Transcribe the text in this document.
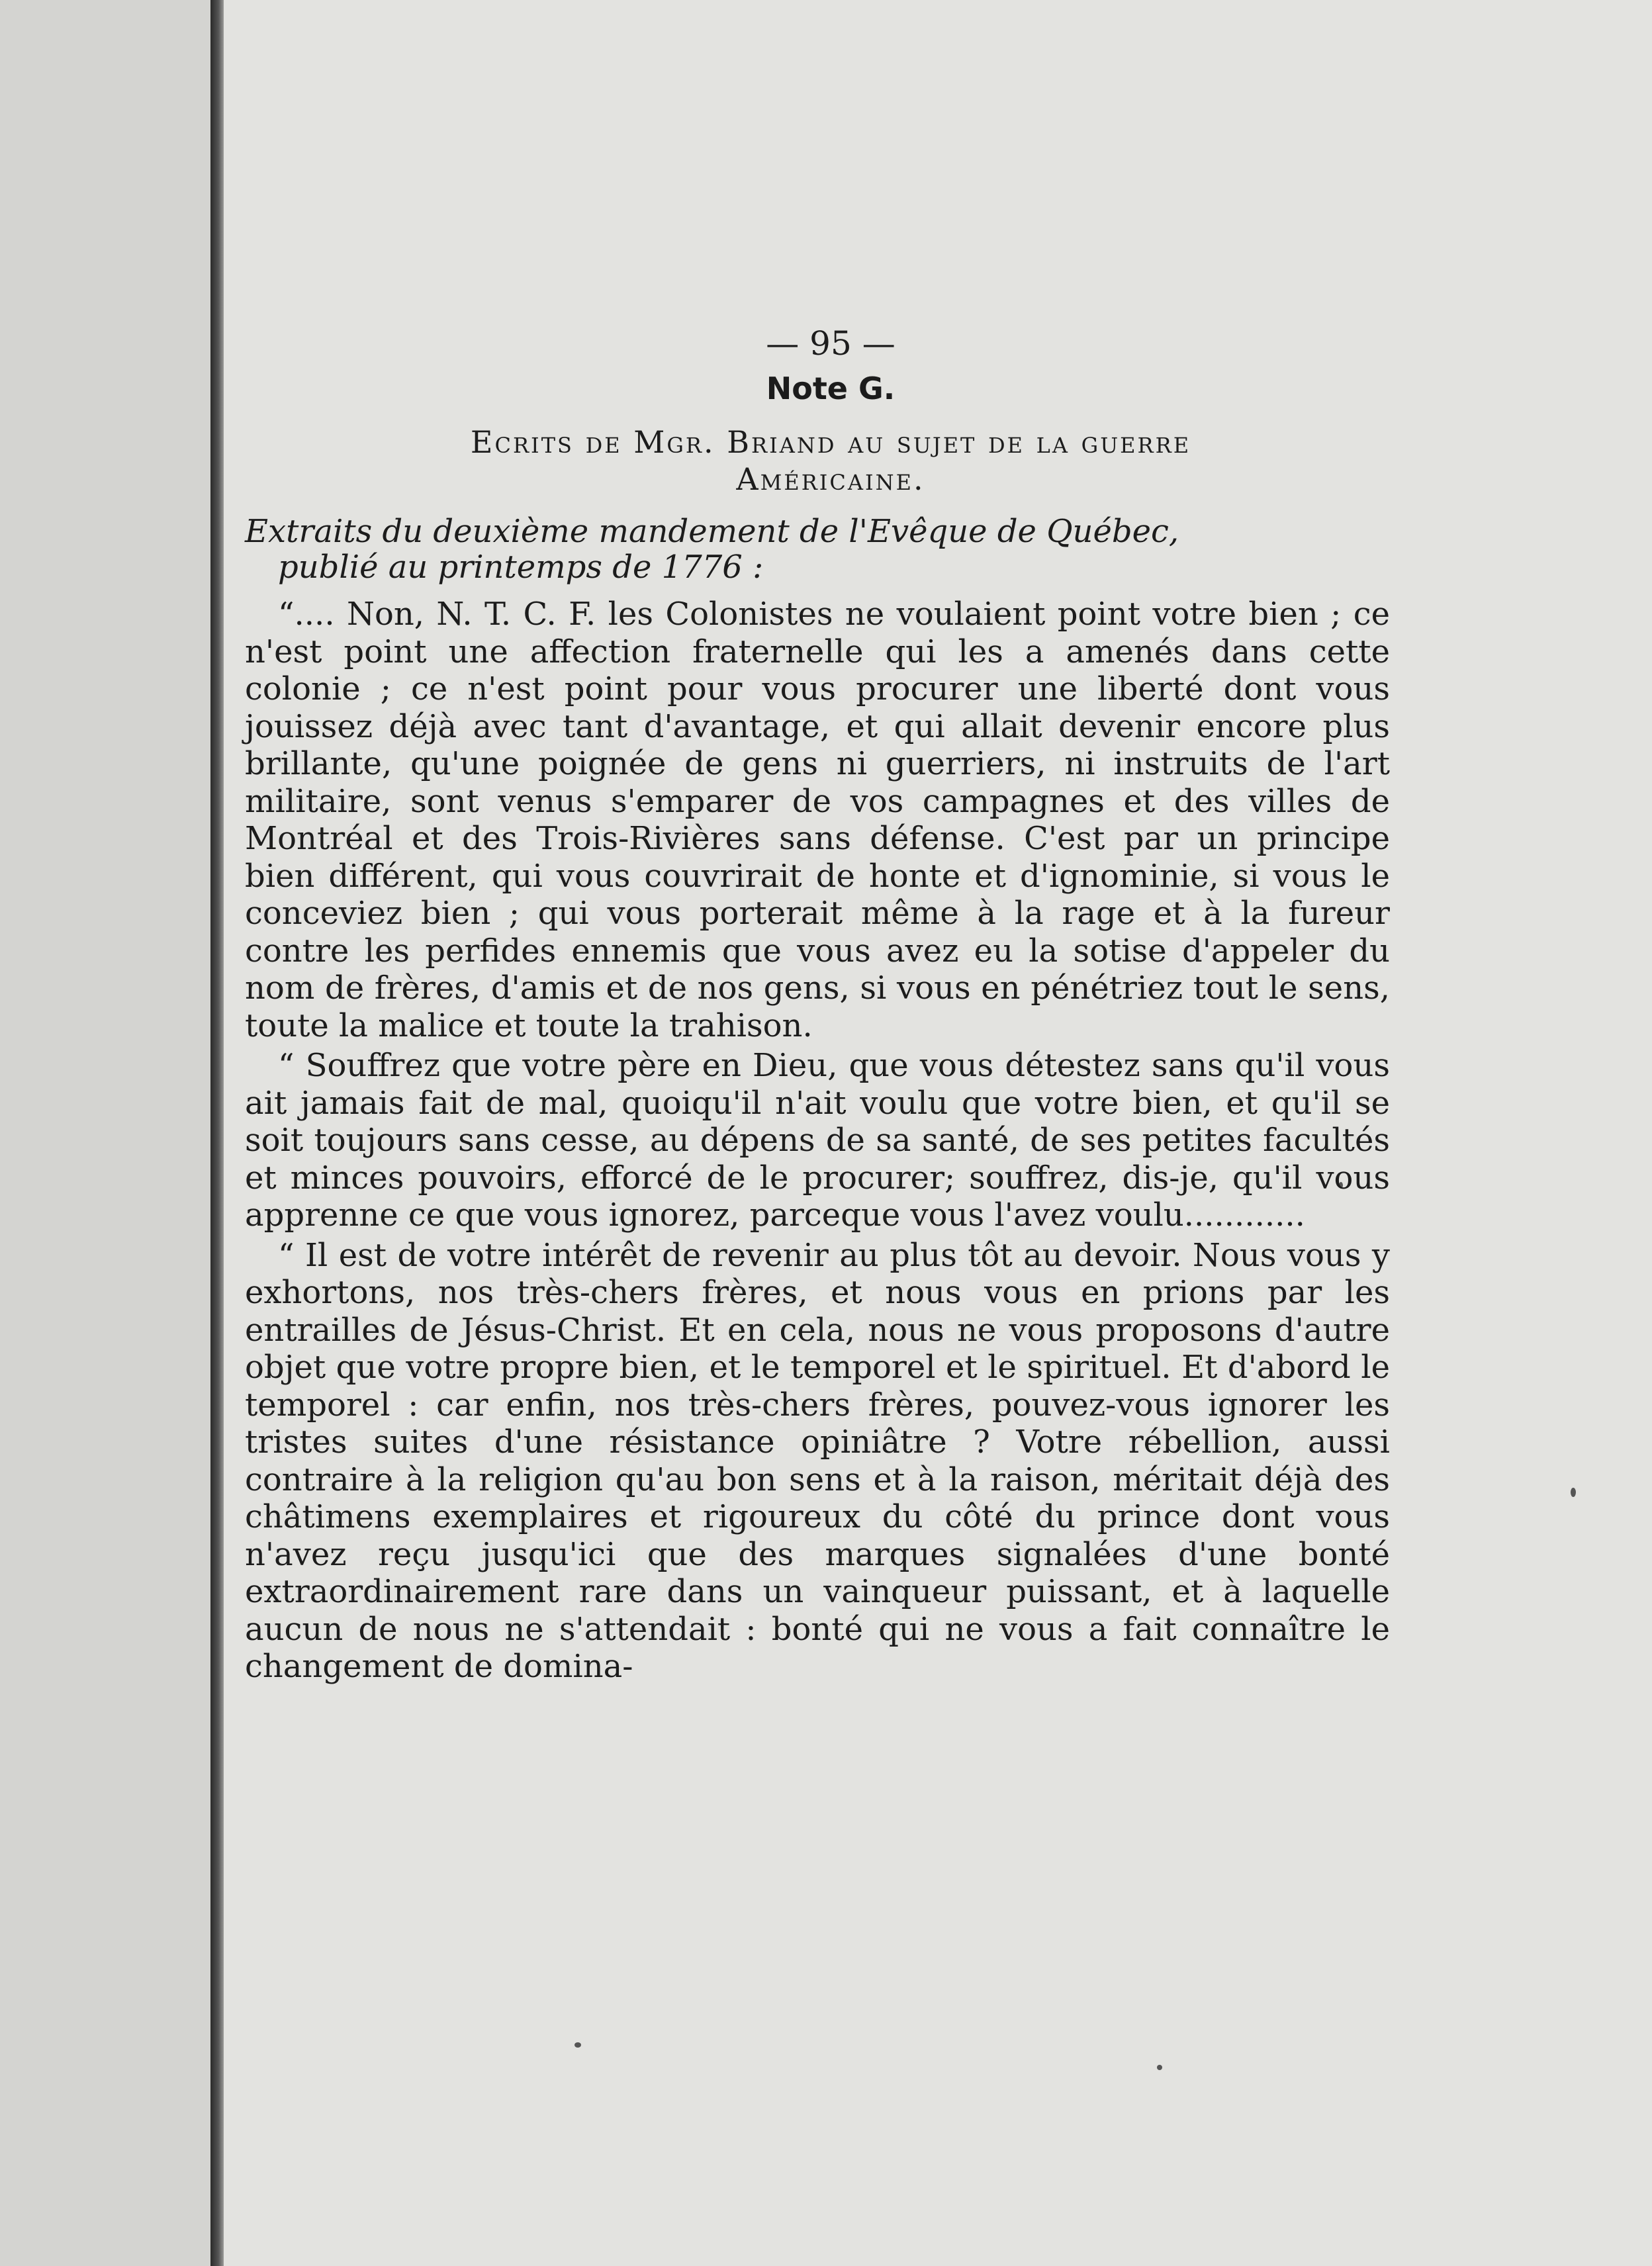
— 95 —
Note G.
Ecrits de Mgr. Briand au sujet de la guerre
Américaine.
Extraits du deuxième mandement de l'Evêque de Québec,
publié au printemps de 1776 :

“.... Non, N. T. C. F. les Colonistes ne voulaient point votre bien ; ce n'est point une affection fraternelle qui les a amenés dans cette colonie ; ce n'est point pour vous procurer une liberté dont vous jouissez déjà avec tant d'avantage, et qui allait devenir encore plus brillante, qu'une poignée de gens ni guerriers, ni instruits de l'art militaire, sont venus s'emparer de vos campagnes et des villes de Montréal et des Trois-Rivières sans défense. C'est par un principe bien différent, qui vous couvrirait de honte et d'ignominie, si vous le conceviez bien ; qui vous porterait même à la rage et à la fureur contre les perfides ennemis que vous avez eu la sotise d'appeler du nom de frères, d'amis et de nos gens, si vous en pénétriez tout le sens, toute la malice et toute la trahison.

“ Souffrez que votre père en Dieu, que vous détestez sans qu'il vous ait jamais fait de mal, quoiqu'il n'ait voulu que votre bien, et qu'il se soit toujours sans cesse, au dépens de sa santé, de ses petites facultés et minces pouvoirs, efforcé de le procurer; souffrez, dis-je, qu'il vous apprenne ce que vous ignorez, parceque vous l'avez voulu............

“ Il est de votre intérêt de revenir au plus tôt au devoir. Nous vous y exhortons, nos très-chers frères, et nous vous en prions par les entrailles de Jésus-Christ. Et en cela, nous ne vous proposons d'autre objet que votre propre bien, et le temporel et le spirituel. Et d'abord le temporel : car enfin, nos très-chers frères, pouvez-vous ignorer les tristes suites d'une résistance opiniâtre ? Votre rébellion, aussi contraire à la religion qu'au bon sens et à la raison, méritait déjà des châtimens exemplaires et rigoureux du côté du prince dont vous n'avez reçu jusqu'ici que des marques signalées d'une bonté extraordinairement rare dans un vainqueur puissant, et à laquelle aucun de nous ne s'attendait : bonté qui ne vous a fait connaître le changement de domina-
